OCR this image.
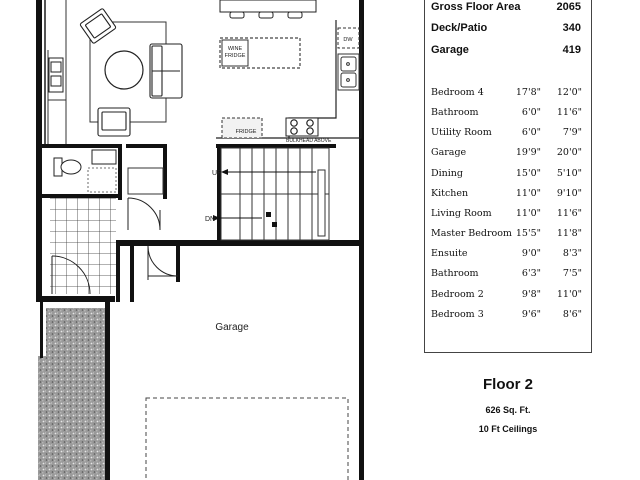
WINE
FRIDGE
DW
FRIDGE
BULKHEAD ABOVE
UP
DN
Garage
Gross Floor Area	2065
Deck/Patio	340
Garage	419
Bedroom 4	17'8"	12'0"
Bathroom	6'0"	11'6"
Utility Room	6'0"	7'9"
Garage	19'9"	20'0"
Dining	15'0"	5'10"
Kitchen	11'0"	9'10"
Living Room	11'0"	11'6"
Master Bedroom 15'5"	11'8"
Ensuite	9'0"	8'3"
Bathroom	6'3"	7'5"
Bedroom 2	9'8"	11'0"
Bedroom 3	9'6"	8'6"
Floor 2
626 Sq. Ft.
10 Ft Ceilings
